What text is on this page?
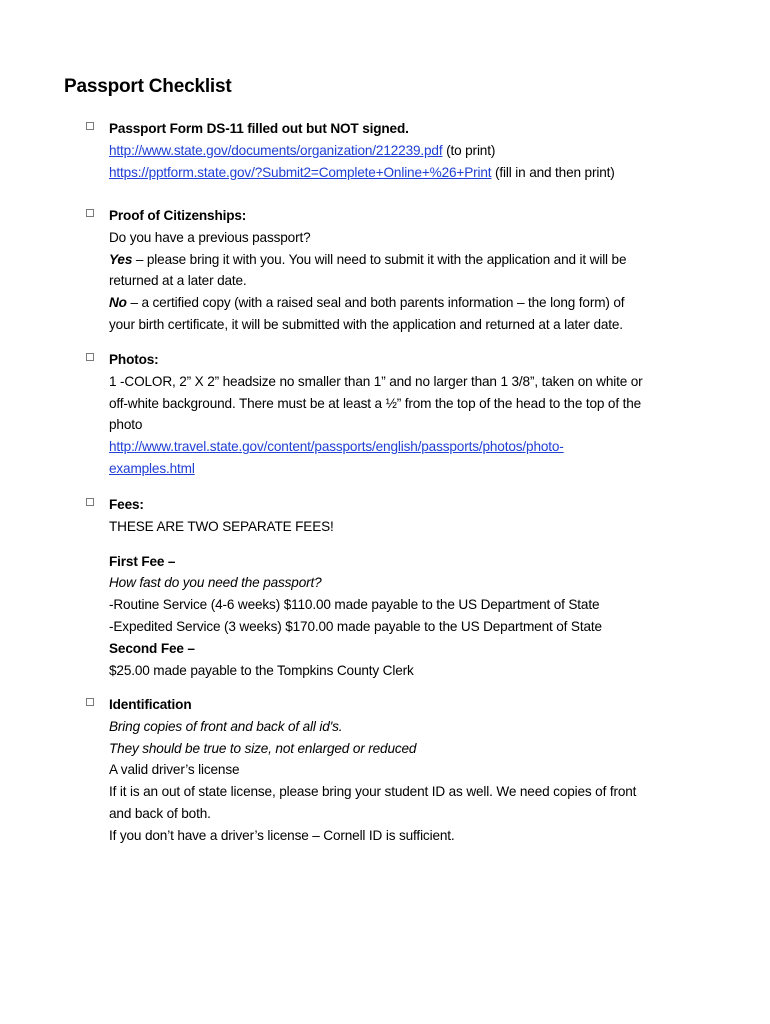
Passport Checklist
Passport Form DS-11 filled out but NOT signed.
http://www.state.gov/documents/organization/212239.pdf (to print)
https://pptform.state.gov/?Submit2=Complete+Online+%26+Print (fill in and then print)
Proof of Citizenships:
Do you have a previous passport?
Yes – please bring it with you. You will need to submit it with the application and it will be
returned at a later date.
No – a certified copy (with a raised seal and both parents information – the long form) of
your birth certificate, it will be submitted with the application and returned at a later date.
Photos:
1 -COLOR, 2” X 2” headsize no smaller than 1” and no larger than 1 3/8”, taken on white or
off-white background. There must be at least a ½” from the top of the head to the top of the
photo
http://www.travel.state.gov/content/passports/english/passports/photos/photo-
examples.html
Fees:
THESE ARE TWO SEPARATE FEES!
First Fee –
How fast do you need the passport?
-Routine Service (4-6 weeks) $110.00 made payable to the US Department of State
-Expedited Service (3 weeks) $170.00 made payable to the US Department of State
Second Fee –
$25.00 made payable to the Tompkins County Clerk
Identification
Bring copies of front and back of all id's.
They should be true to size, not enlarged or reduced
A valid driver’s license
If it is an out of state license, please bring your student ID as well. We need copies of front
and back of both.
If you don’t have a driver’s license – Cornell ID is sufficient.
